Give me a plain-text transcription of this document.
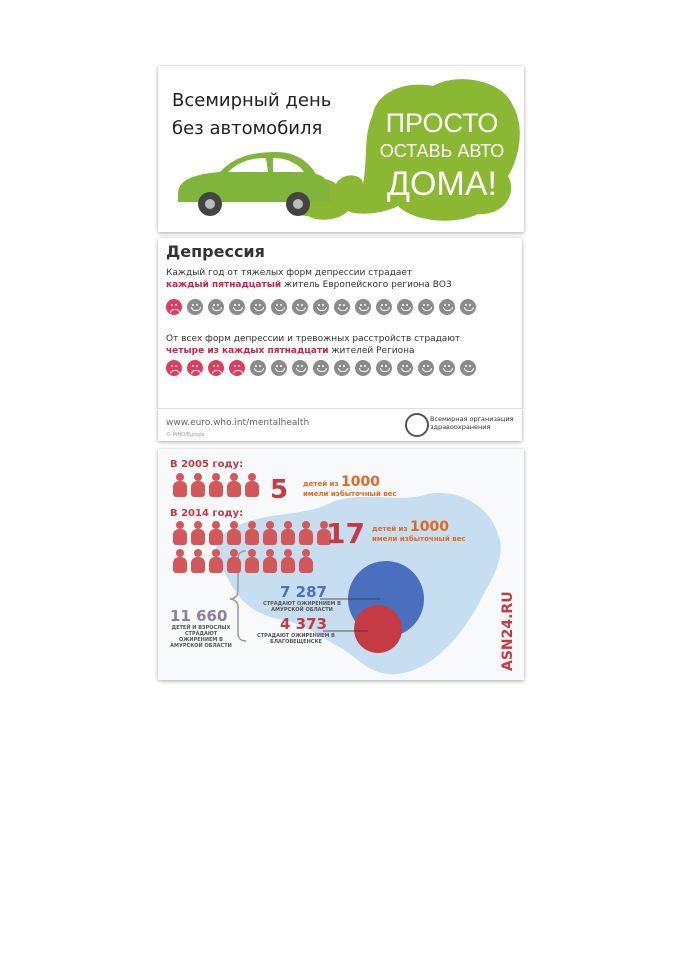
Всемирный день
без автомобиля	ПРОСТО
ОСТАВЬ АВТО
ДОМА!
Депрессия
Каждый год от тяжелых форм депрессии страдает
каждый пятнадцатый житель Европейского региона ВОЗ
От всех форм депрессии и тревожных расстройств страдают
четыре из каждых пятнадцати жителей Региона
www.euro.who.int/mentalhealth
© WHO/Europe
Всемирная организация
здравоохранения
В 2005 году:
5 детей из 1000
имели избыточный вес
В 2014 году:
17 детей из 1000
имели избыточный вес
11 660
ДЕТЕЙ И ВЗРОСЛЫХ
СТРАДАЮТ
ОЖИРЕНИЕМ В
АМУРСКОЙ ОБЛАСТИ
7 287
СТРАДАЮТ ОЖИРЕНИЕМ В
АМУРСКОЙ ОБЛАСТИ
4 373
СТРАДАЮТ ОЖИРЕНИЕМ В
БЛАГОВЕЩЕНСКЕ	ASN24.RU
